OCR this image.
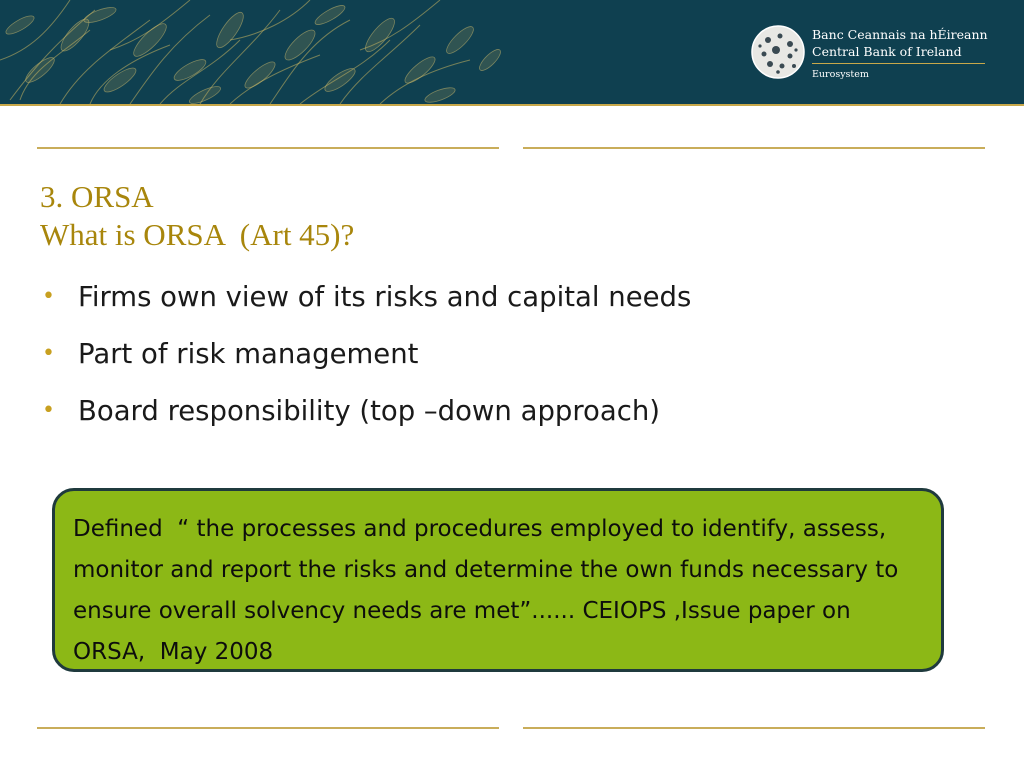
Banc Ceannais na hÉireann
Central Bank of Ireland
Eurosystem
3. ORSA
What is ORSA  (Art 45)?
• Firms own view of its risks and capital needs
• Part of risk management
• Board responsibility (top –down approach)

Defined  “ the processes and procedures employed to identify, assess, monitor and report the risks and determine the own funds necessary to ensure overall solvency needs are met”...... CEIOPS ,Issue paper on ORSA,  May 2008
